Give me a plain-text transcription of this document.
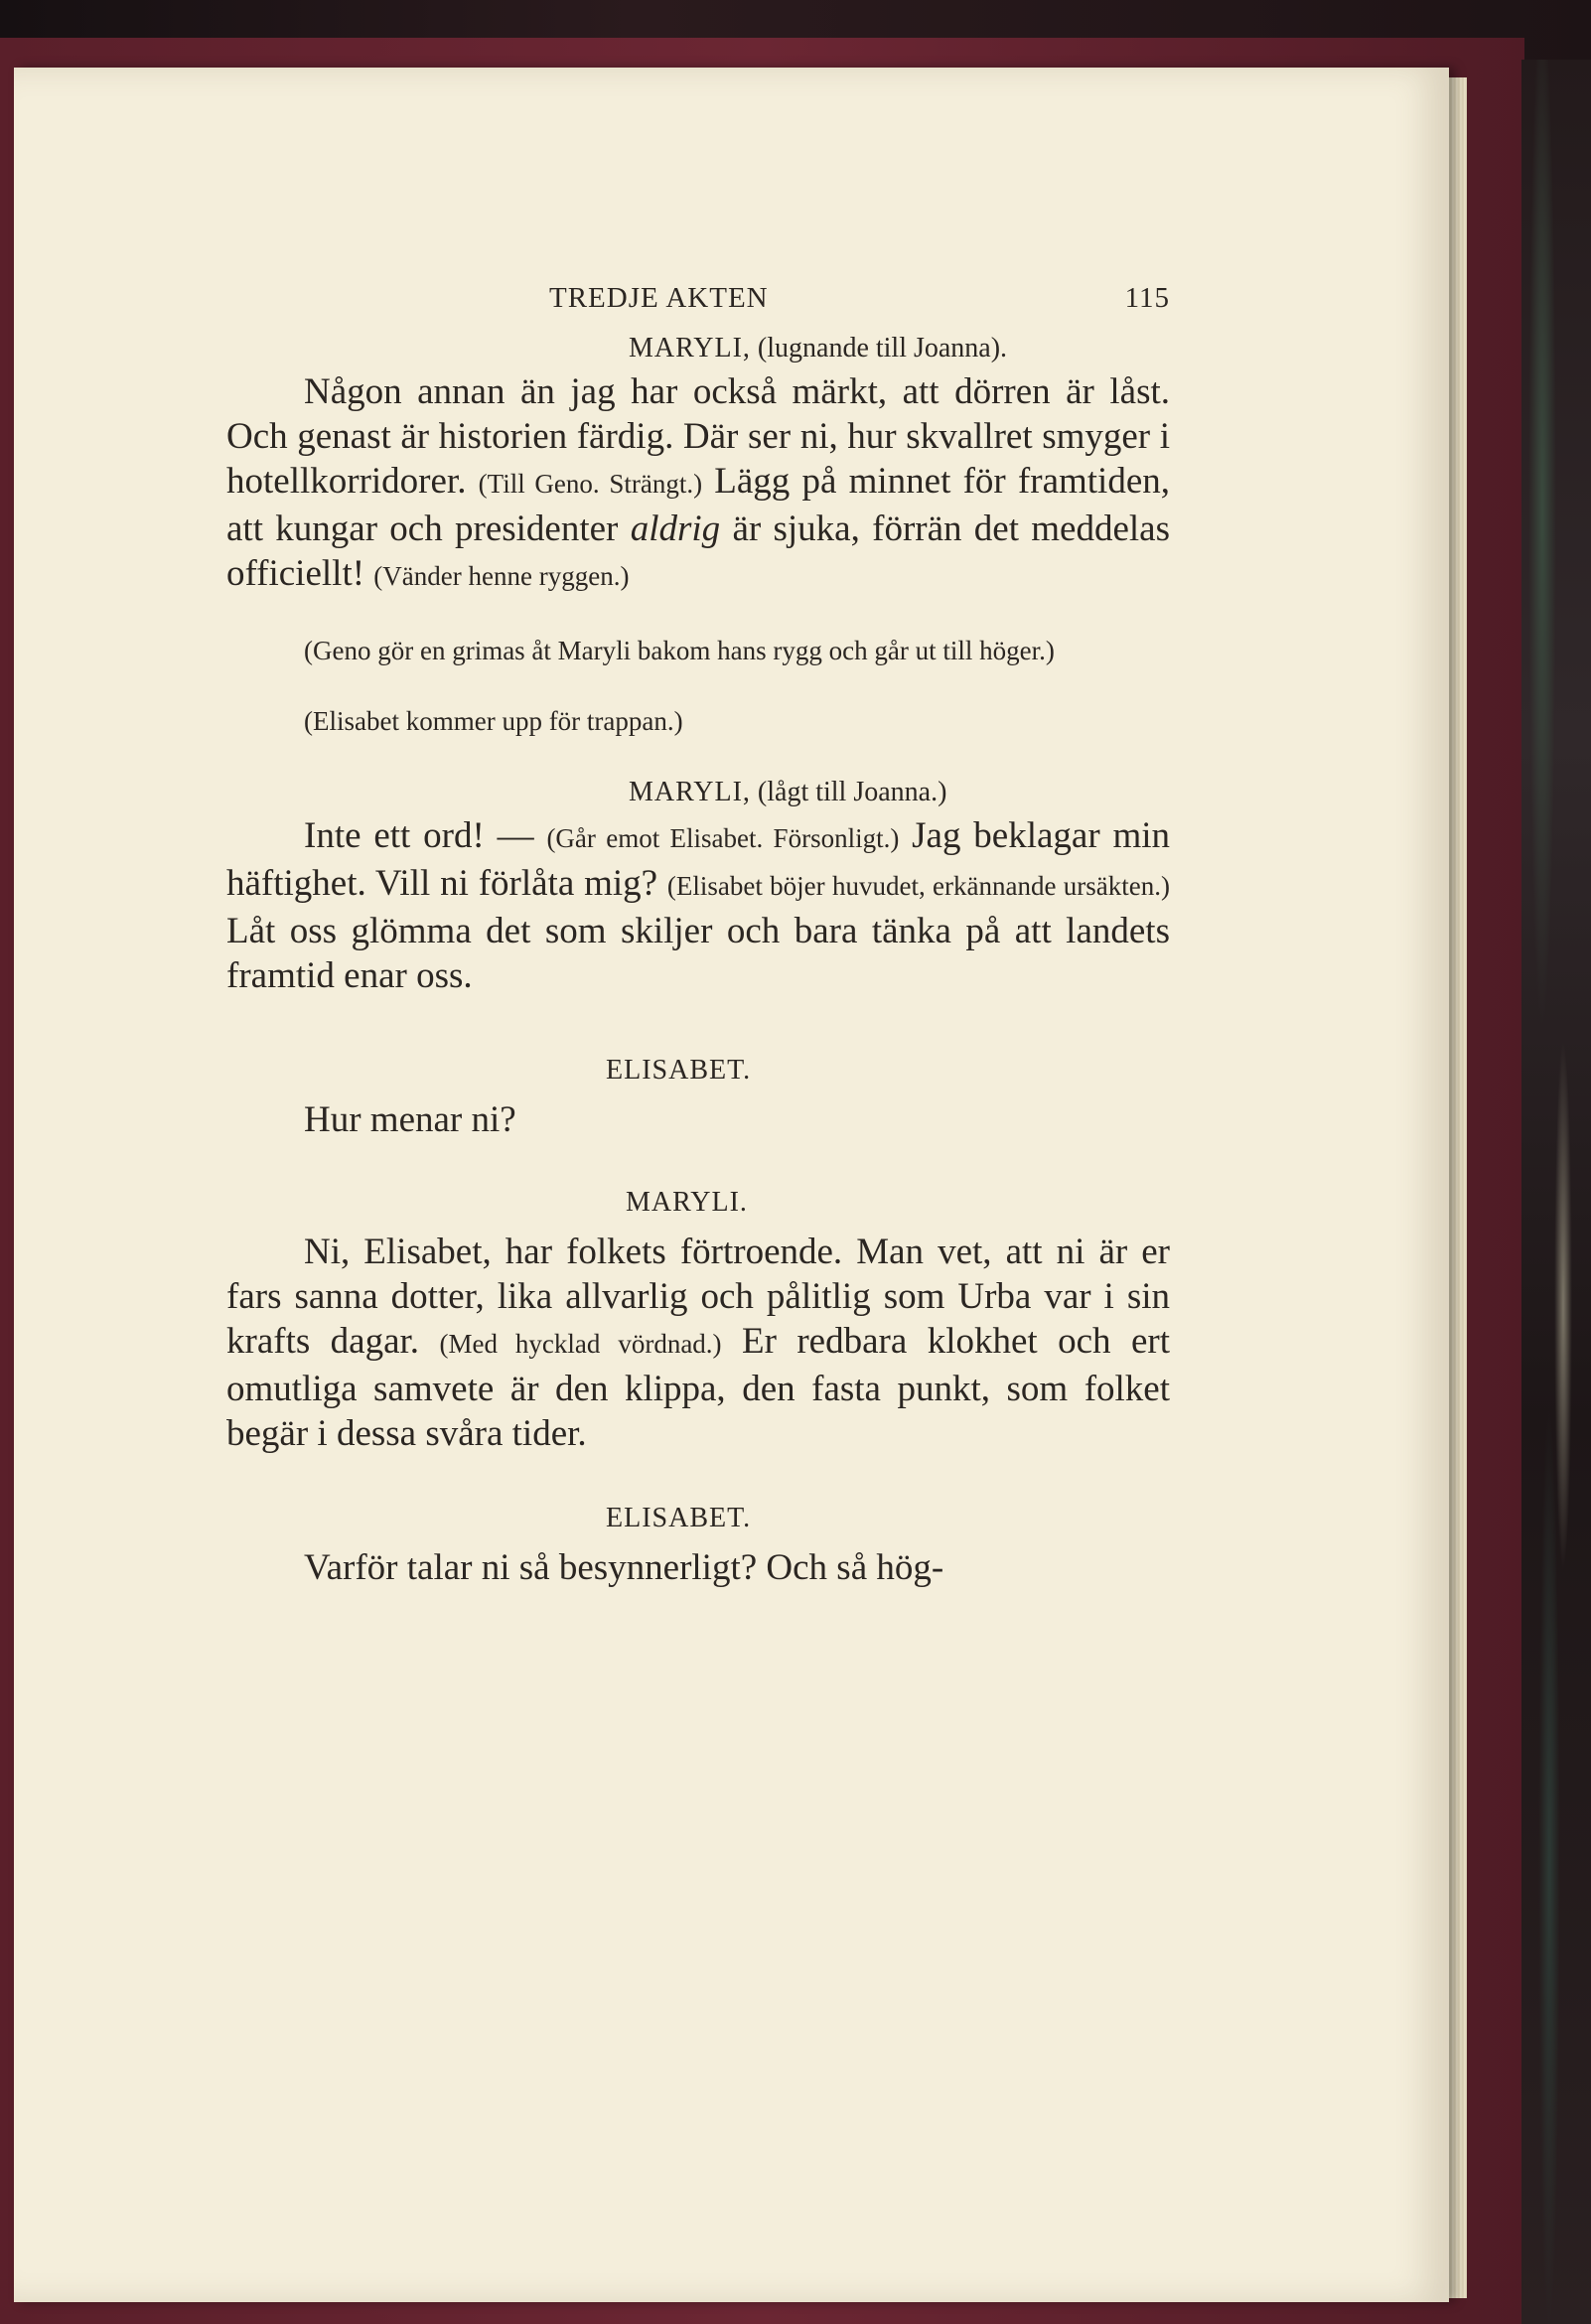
TREDJE AKTEN	115
MARYLI, (lugnande till Joanna).
Någon annan än jag har också märkt, att dörren är låst. Och genast är historien färdig. Där ser ni, hur skvallret smyger i hotellkorridorer. (Till Geno. Strängt.) Lägg på minnet för framtiden, att kungar och presidenter aldrig är sjuka, förrän det meddelas officiellt! (Vänder henne ryggen.)
(Geno gör en grimas åt Maryli bakom hans rygg och går ut till höger.)
(Elisabet kommer upp för trappan.)
MARYLI, (lågt till Joanna.)
Inte ett ord! — (Går emot Elisabet. Försonligt.) Jag beklagar min häftighet. Vill ni förlåta mig? (Elisabet böjer huvudet, erkännande ursäkten.) Låt oss glömma det som skiljer och bara tänka på att landets framtid enar oss.
ELISABET.
Hur menar ni?
MARYLI.
Ni, Elisabet, har folkets förtroende. Man vet, att ni är er fars sanna dotter, lika allvarlig och pålitlig som Urba var i sin krafts dagar. (Med hycklad vördnad.) Er redbara klokhet och ert omutliga samvete är den klippa, den fasta punkt, som folket begär i dessa svåra tider.
ELISABET.
Varför talar ni så besynnerligt? Och så hög-
